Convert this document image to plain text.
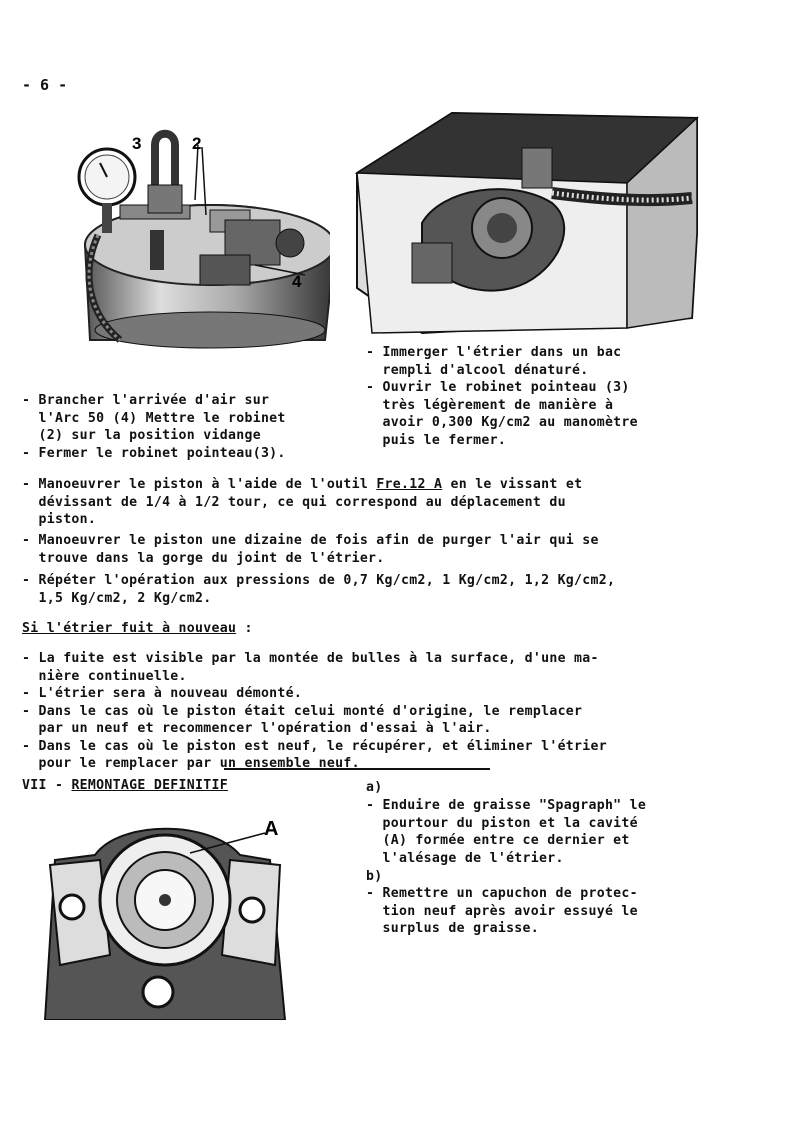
- 6 -
3	2
4
- Immerger l'étrier dans un bac
rempli d'alcool dénaturé.
- Ouvrir le robinet pointeau (3)
très légèrement de manière à
avoir 0,300 Kg/cm2 au manomètre
puis le fermer.
- Brancher l'arrivée d'air sur
l'Arc 50 (4) Mettre le robinet
(2) sur la position vidange
- Fermer le robinet pointeau(3).
- Manoeuvrer le piston à l'aide de l'outil Fre.12 A en le vissant et
dévissant de 1/4 à 1/2 tour, ce qui correspond au déplacement du
piston.
- Manoeuvrer le piston une dizaine de fois afin de purger l'air qui se
trouve dans la gorge du joint de l'étrier.
- Répéter l'opération aux pressions de 0,7 Kg/cm2, 1 Kg/cm2, 1,2 Kg/cm2,
1,5 Kg/cm2, 2 Kg/cm2.
Si l'étrier fuit à nouveau :
- La fuite est visible par la montée de bulles à la surface, d'une ma-
nière continuelle.
- L'étrier sera à nouveau démonté.
- Dans le cas où le piston était celui monté d'origine, le remplacer
par un neuf et recommencer l'opération d'essai à l'air.
- Dans le cas où le piston est neuf, le récupérer, et éliminer l'étrier
pour le remplacer par un ensemble neuf.
VII - REMONTAGE DEFINITIF	a)
- Enduire de graisse "Spagraph" le
pourtour du piston et la cavité
(A) formée entre ce dernier et
l'alésage de l'étrier.
b)
- Remettre un capuchon de protec-
tion neuf après avoir essuyé le
surplus de graisse.
A
